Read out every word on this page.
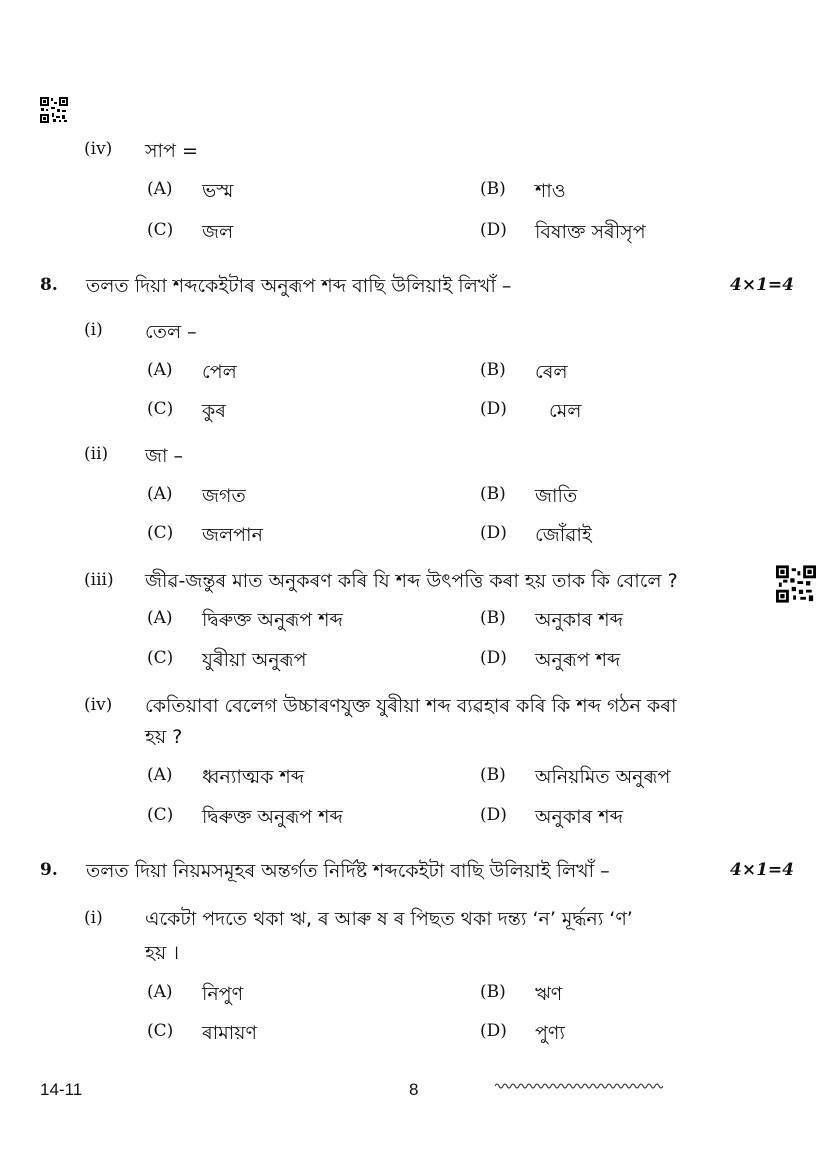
(iv) সাপ =
(A) ভস্ম	(B) শাও
(C) জল	(D) বিষাক্ত সৰীসৃপ
8. তলত দিয়া শব্দকেইটাৰ অনুৰূপ শব্দ বাছি উলিয়াই লিখাঁ –	4×1=4
(i) তেল –
(A) পেল	(B) ৰেল
(C) কুৰ	(D) মেল
(ii) জা –
(A) জগত	(B) জাতি
(C) জলপান	(D) জোঁৱাই
(iii) জীৱ-জন্তুৰ মাত অনুকৰণ কৰি যি শব্দ উৎপত্তি কৰা হয় তাক কি বোলে ?
(A) দ্বিৰুক্ত অনুৰূপ শব্দ	(B) অনুকাৰ শব্দ
(C) যুৰীয়া অনুৰূপ	(D) অনুৰূপ শব্দ
(iv) কেতিয়াবা বেলেগ উচ্চাৰণযুক্ত যুৰীয়া শব্দ ব্যৱহাৰ কৰি কি শব্দ গঠন কৰা
হয় ?
(A) ধ্বন্যাত্মক শব্দ	(B) অনিয়মিত অনুৰূপ
(C) দ্বিৰুক্ত অনুৰূপ শব্দ	(D) অনুকাৰ শব্দ
9. তলত দিয়া নিয়মসমূহৰ অন্তৰ্গত নিৰ্দিষ্ট শব্দকেইটা বাছি উলিয়াই লিখাঁ –	4×1=4
(i) একেটা পদতে থকা ঋ, ৰ আৰু ষ ৰ পিছত থকা দন্ত্য ‘ন’ মূৰ্দ্ধন্য ‘ণ’
হয় ।
(A) নিপুণ	(B) ঋণ
(C) ৰামায়ণ	(D) পুণ্য
14-11	8
